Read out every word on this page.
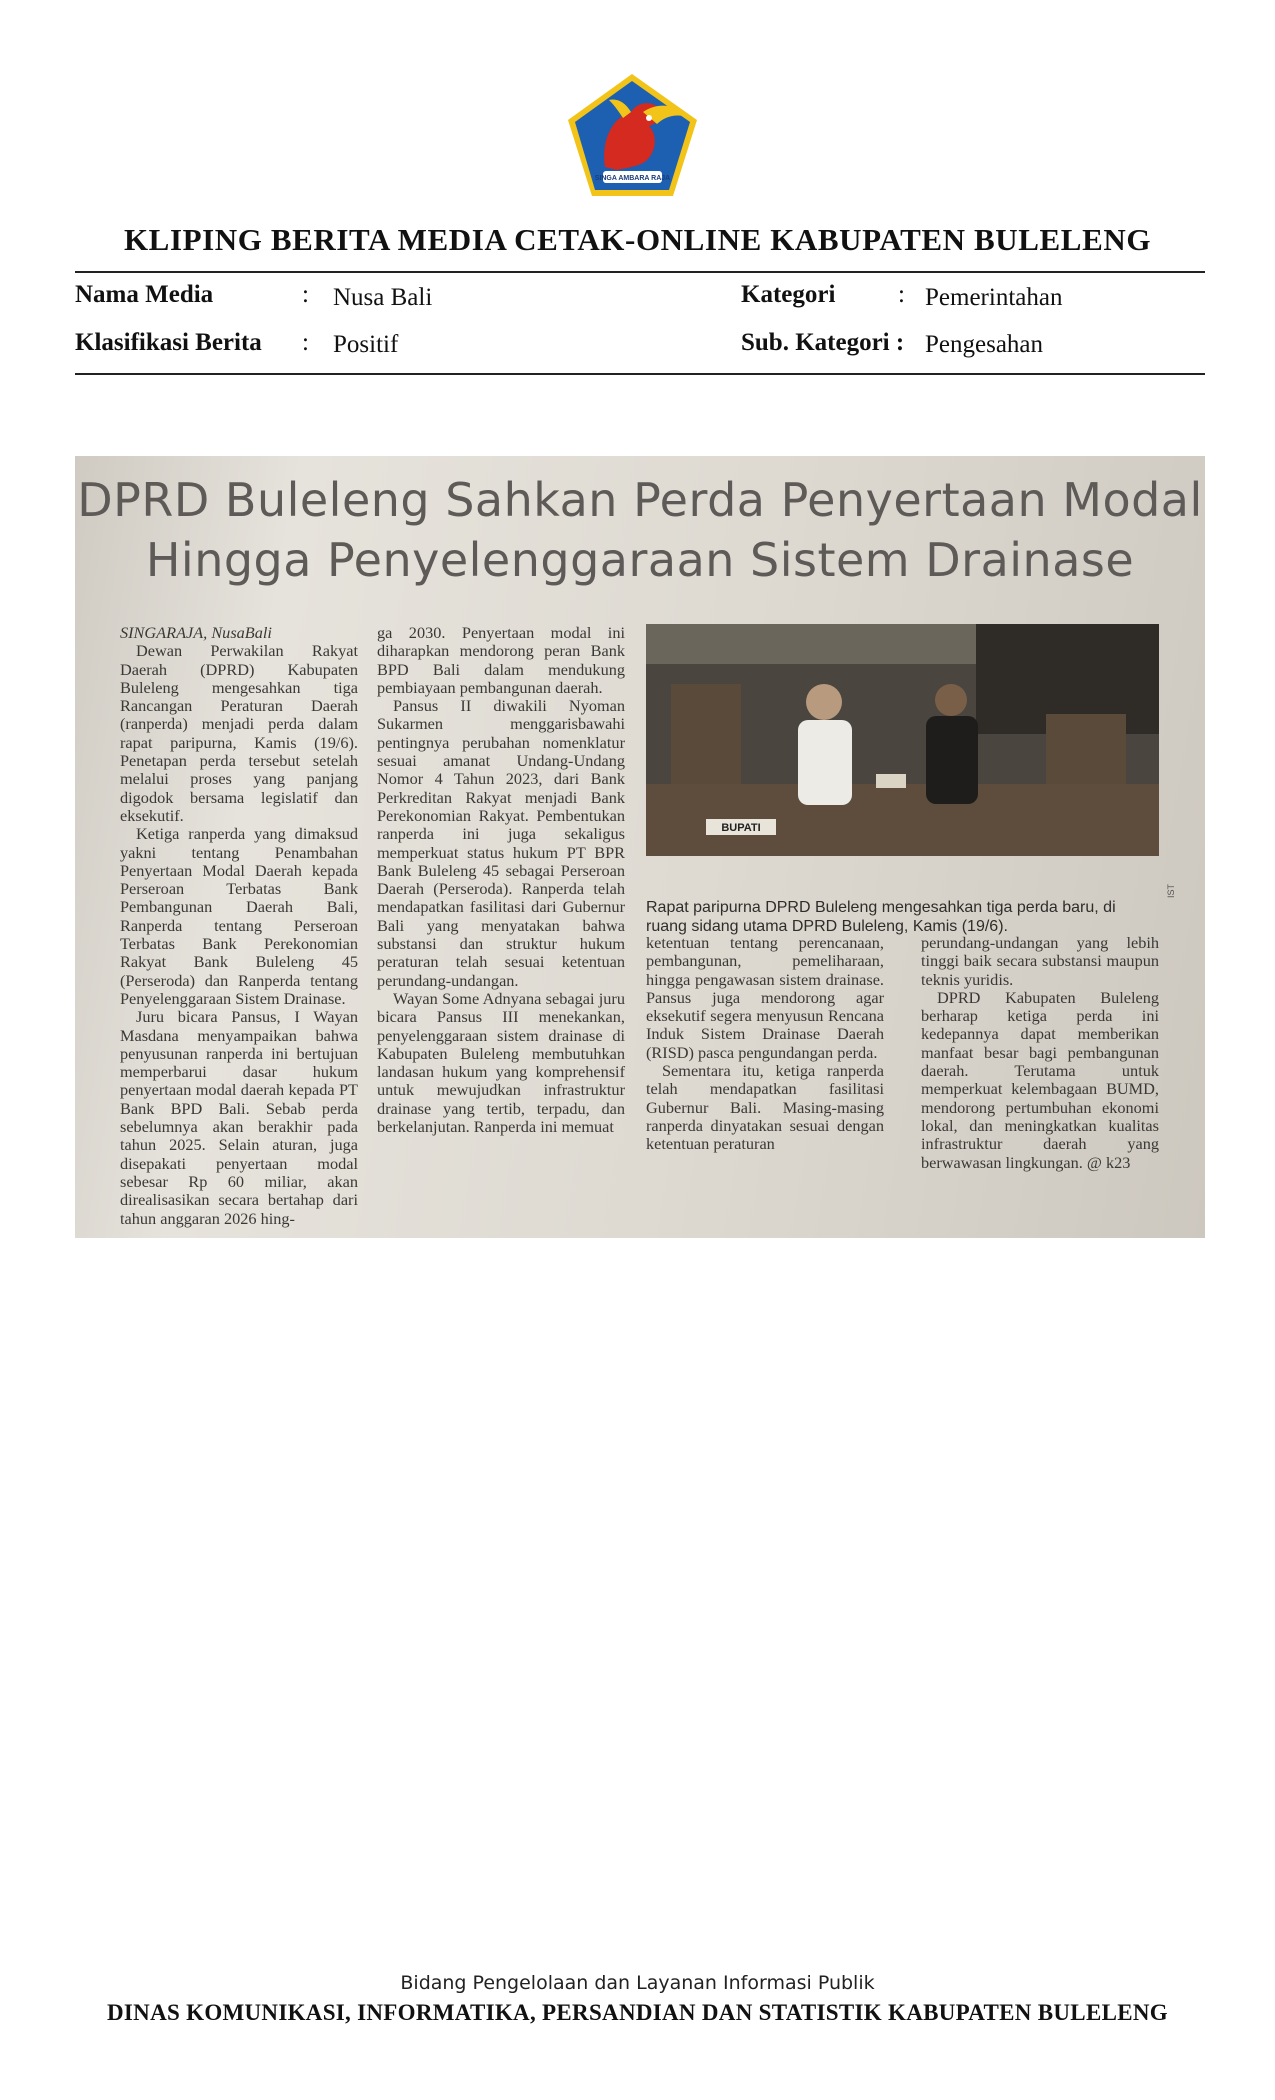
SINGA AMBARA RAJA
KLIPING BERITA MEDIA CETAK-ONLINE KABUPATEN BULELENG
Nama Media	: Nusa Bali	Kategori	: Pemerintahan
Klasifikasi Berita : Positif	Sub. Kategori : Pengesahan
DPRD Buleleng Sahkan Perda Penyertaan Modal
Hingga Penyelenggaraan Sistem Drainase

SINGARAJA, NusaBali

Dewan Perwakilan Rakyat Daerah (DPRD) Kabupaten Buleleng mengesahkan tiga Rancangan Peraturan Daerah (ranperda) menjadi perda dalam rapat paripurna, Kamis (19/6). Penetapan perda tersebut setelah melalui proses yang panjang digodok bersama legislatif dan eksekutif.

Ketiga ranperda yang dimaksud yakni tentang Penambahan Penyertaan Modal Daerah kepada Perseroan Terbatas Bank Pembangunan Daerah Bali, Ranperda tentang Perseroan Terbatas Bank Perekonomian Rakyat Bank Buleleng 45 (Perseroda) dan Ranperda tentang Penyelenggaraan Sistem Drainase.

Juru bicara Pansus, I Wayan Masdana menyampaikan bahwa penyusunan ranperda ini bertujuan memperbarui dasar hukum penyertaan modal daerah kepada PT Bank BPD Bali. Sebab perda sebelumnya akan berakhir pada tahun 2025. Selain aturan, juga disepakati penyertaan modal sebesar Rp 60 miliar, akan direalisasikan secara bertahap dari tahun anggaran 2026 hing-

ga 2030. Penyertaan modal ini diharapkan mendorong peran Bank BPD Bali dalam mendukung pembiayaan pembangunan daerah.

Pansus II diwakili Nyoman Sukarmen menggarisbawahi pentingnya perubahan nomenklatur sesuai amanat Undang-Undang Nomor 4 Tahun 2023, dari Bank Perkreditan Rakyat menjadi Bank Perekonomian Rakyat. Pembentukan ranperda ini juga sekaligus memperkuat status hukum PT BPR Bank Buleleng 45 sebagai Perseroan Daerah (Perseroda). Ranperda telah mendapatkan fasilitasi dari Gubernur Bali yang menyatakan bahwa substansi dan struktur hukum peraturan telah sesuai ketentuan perundang-undangan.

Wayan Some Adnyana sebagai juru bicara Pansus III menekankan, penyelenggaraan sistem drainase di Kabupaten Buleleng membutuhkan landasan hukum yang komprehensif untuk mewujudkan infrastruktur drainase yang tertib, terpadu, dan berkelanjutan. Ranperda ini memuat

BUPATI
IST
Rapat paripurna DPRD Buleleng mengesahkan tiga perda baru, di ruang sidang utama DPRD Buleleng, Kamis (19/6).

ketentuan tentang perencanaan, pembangunan, pemeliharaan, hingga pengawasan sistem drainase. Pansus juga mendorong agar eksekutif segera menyusun Rencana Induk Sistem Drainase Daerah (RISD) pasca pengundangan perda.

Sementara itu, ketiga ranperda telah mendapatkan fasilitasi Gubernur Bali. Masing-masing ranperda dinyatakan sesuai dengan ketentuan peraturan

perundang-undangan yang lebih tinggi baik secara substansi maupun teknis yuridis.

DPRD Kabupaten Buleleng berharap ketiga perda ini kedepannya dapat memberikan manfaat besar bagi pembangunan daerah. Terutama untuk memperkuat kelembagaan BUMD, mendorong pertumbuhan ekonomi lokal, dan meningkatkan kualitas infrastruktur daerah yang berwawasan lingkungan. @ k23

Bidang Pengelolaan dan Layanan Informasi Publik
DINAS KOMUNIKASI, INFORMATIKA, PERSANDIAN DAN STATISTIK KABUPATEN BULELENG
